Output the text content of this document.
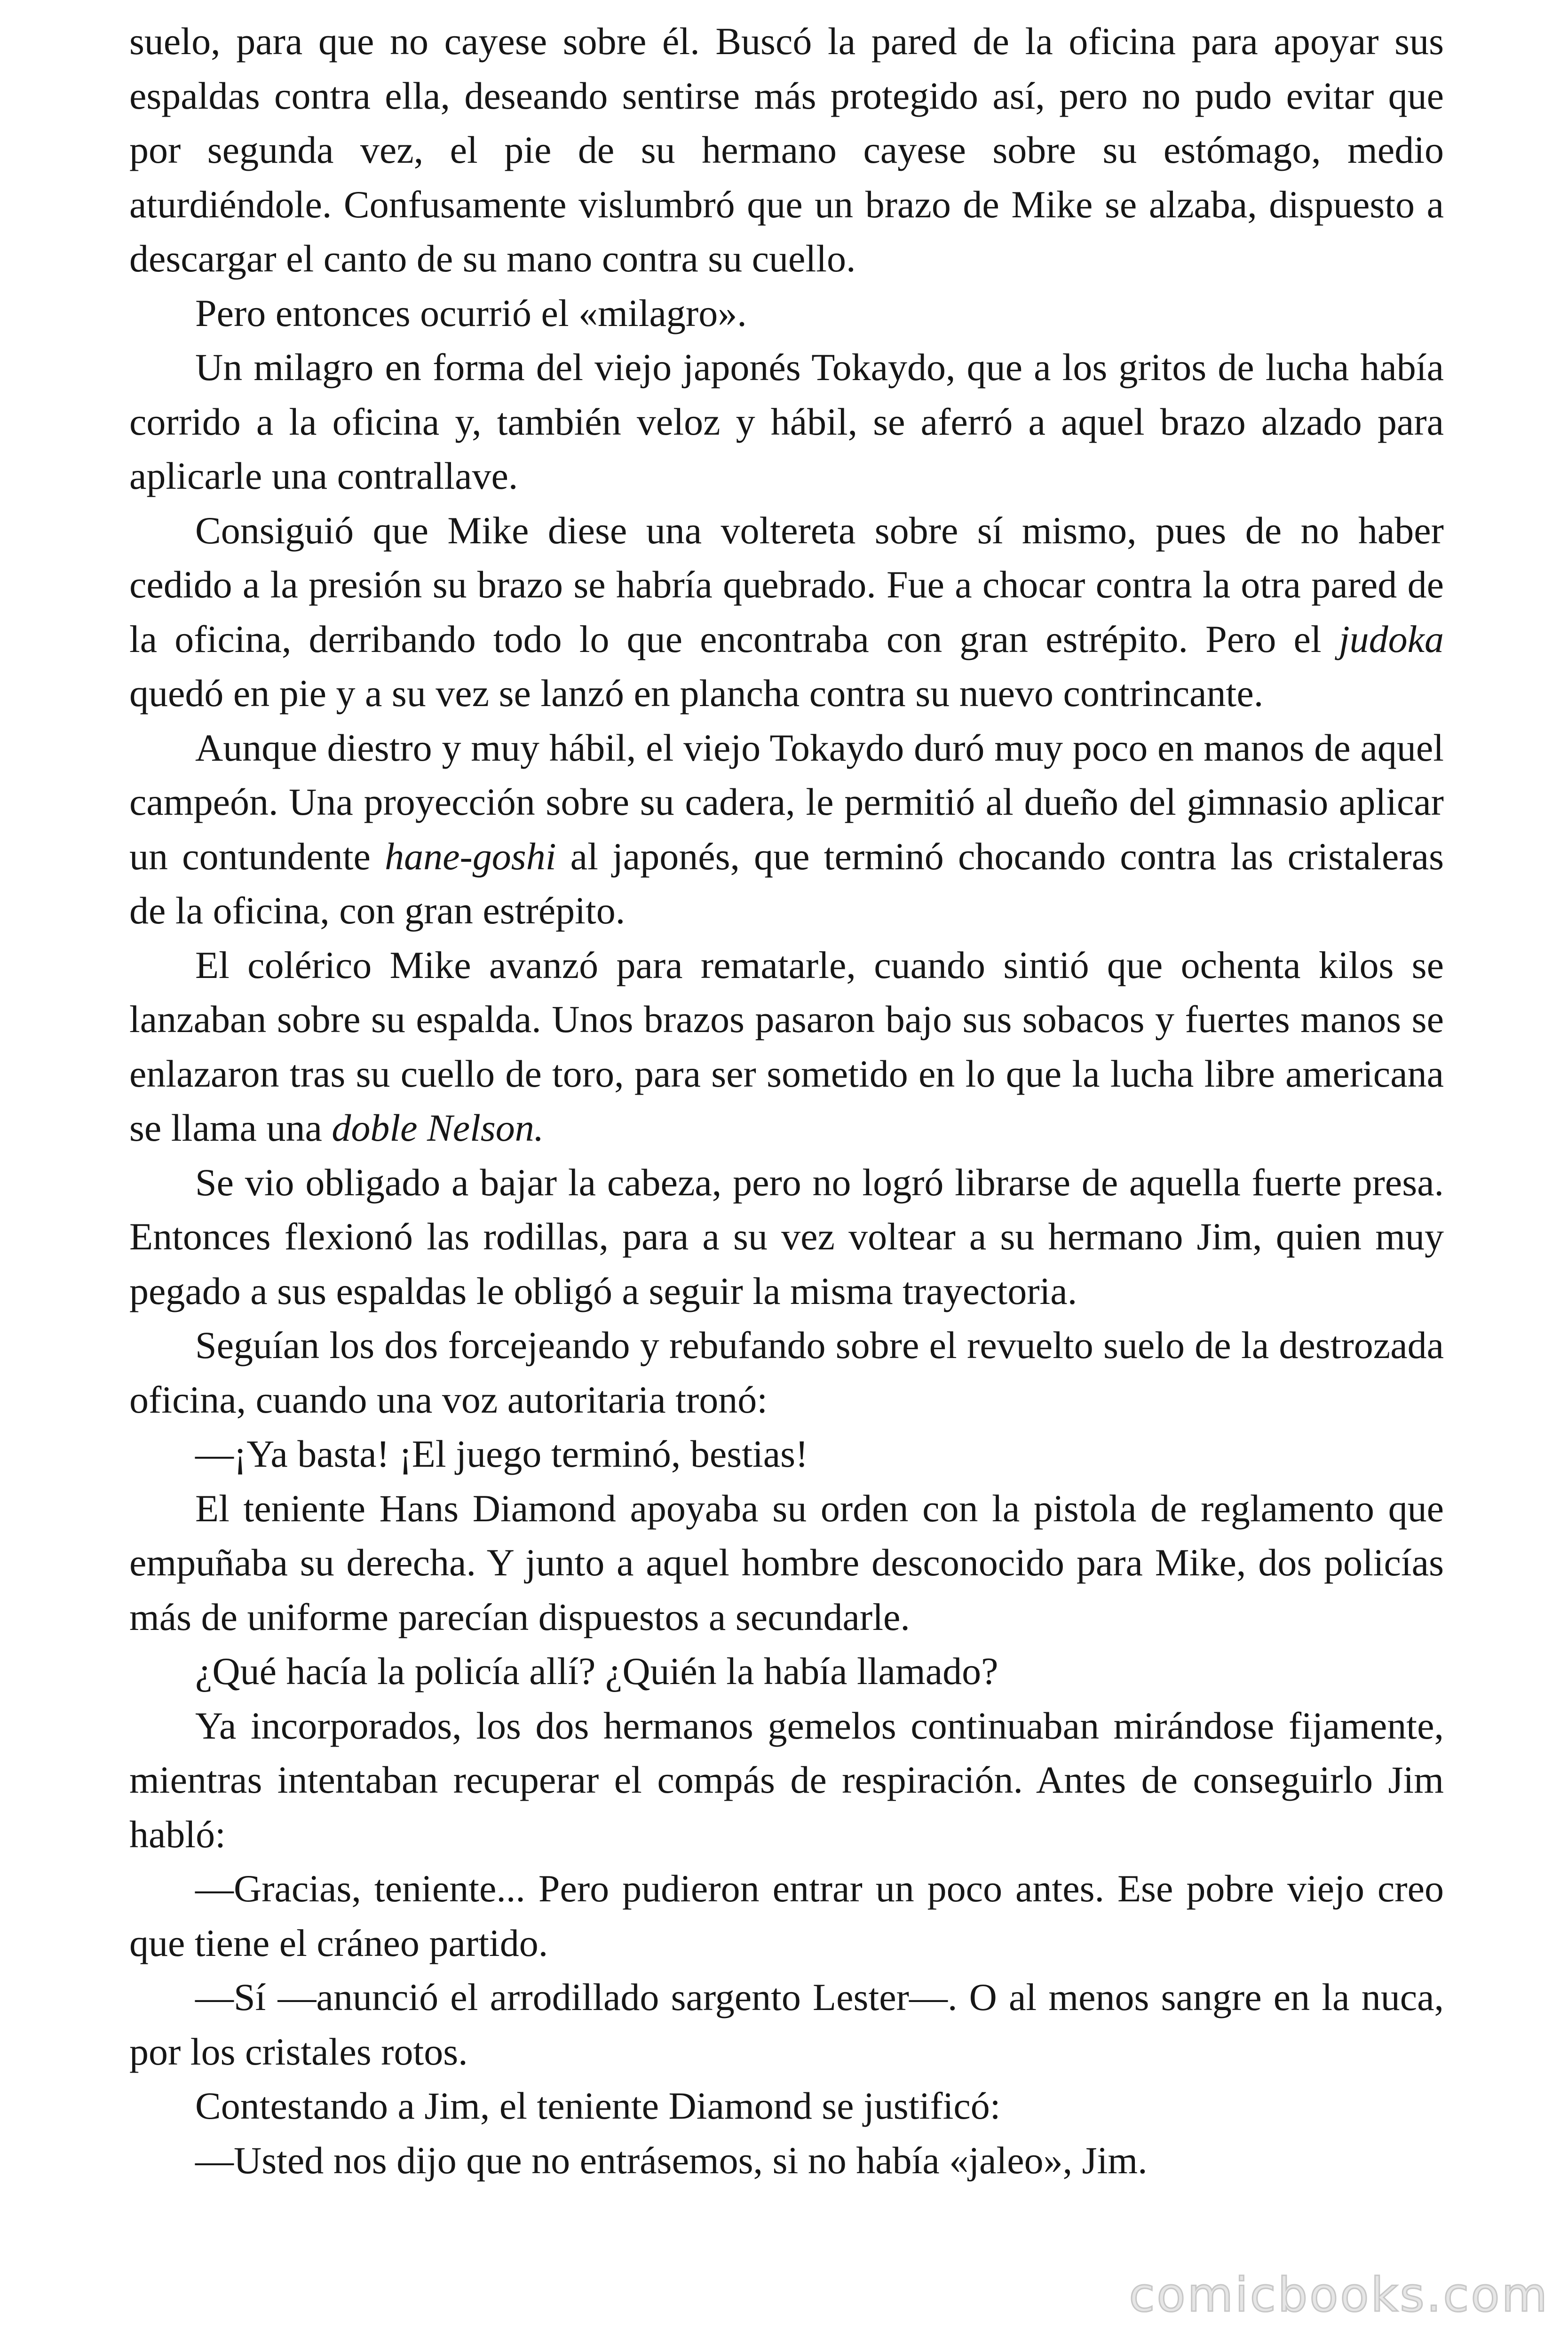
suelo, para que no cayese sobre él. Buscó la pared de la oficina para apoyar sus espaldas contra ella, deseando sentirse más protegido así, pero no pudo evitar que por segunda vez, el pie de su hermano cayese sobre su estómago, medio aturdiéndole. Confusamente vislumbró que un brazo de Mike se alzaba, dispuesto a descargar el canto de su mano contra su cuello.

Pero entonces ocurrió el «milagro».

Un milagro en forma del viejo japonés Tokaydo, que a los gritos de lucha había corrido a la oficina y, también veloz y hábil, se aferró a aquel brazo alzado para aplicarle una contrallave.

Consiguió que Mike diese una voltereta sobre sí mismo, pues de no haber cedido a la presión su brazo se habría quebrado. Fue a chocar contra la otra pared de la oficina, derribando todo lo que encontraba con gran estrépito. Pero el judoka quedó en pie y a su vez se lanzó en plancha contra su nuevo contrincante.

Aunque diestro y muy hábil, el viejo Tokaydo duró muy poco en manos de aquel campeón. Una proyección sobre su cadera, le permitió al dueño del gimnasio aplicar un contundente hane-goshi al japonés, que terminó chocando contra las cristaleras de la oficina, con gran estrépito.

El colérico Mike avanzó para rematarle, cuando sintió que ochenta kilos se lanzaban sobre su espalda. Unos brazos pasaron bajo sus sobacos y fuertes manos se enlazaron tras su cuello de toro, para ser sometido en lo que la lucha libre americana se llama una doble Nelson.

Se vio obligado a bajar la cabeza, pero no logró librarse de aquella fuerte presa. Entonces flexionó las rodillas, para a su vez voltear a su hermano Jim, quien muy pegado a sus espaldas le obligó a seguir la misma trayectoria.

Seguían los dos forcejeando y rebufando sobre el revuelto suelo de la destrozada oficina, cuando una voz autoritaria tronó:

—¡Ya basta! ¡El juego terminó, bestias!

El teniente Hans Diamond apoyaba su orden con la pistola de reglamento que empuñaba su derecha. Y junto a aquel hombre desconocido para Mike, dos policías más de uniforme parecían dispuestos a secundarle.

¿Qué hacía la policía allí? ¿Quién la había llamado?

Ya incorporados, los dos hermanos gemelos continuaban mirándose fijamente, mientras intentaban recuperar el compás de respiración. Antes de conseguirlo Jim habló:

—Gracias, teniente... Pero pudieron entrar un poco antes. Ese pobre viejo creo que tiene el cráneo partido.

—Sí —anunció el arrodillado sargento Lester—. O al menos sangre en la nuca, por los cristales rotos.

Contestando a Jim, el teniente Diamond se justificó:

—Usted nos dijo que no entrásemos, si no había «jaleo», Jim.

comicbooks.com
